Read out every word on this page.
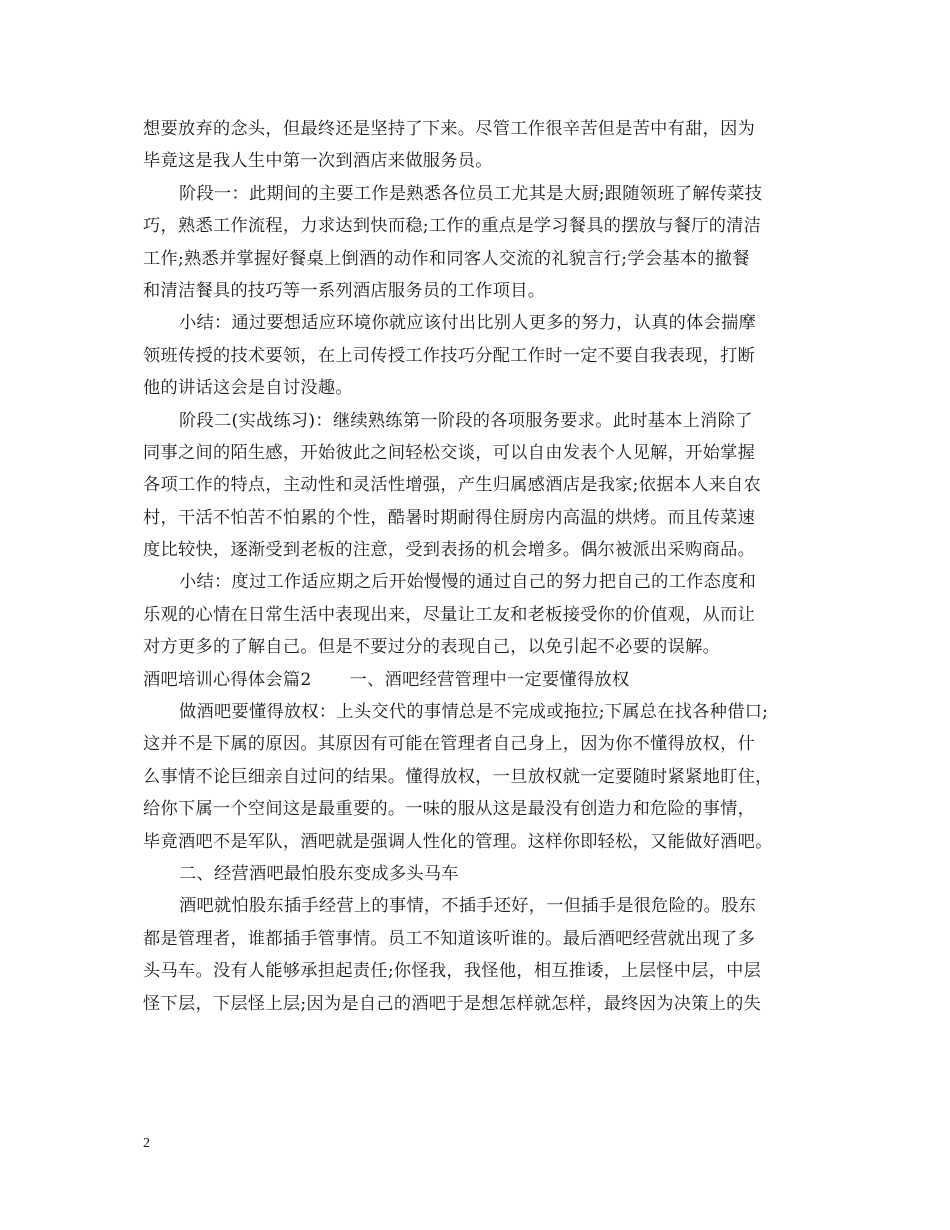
想要放弃的念头，但最终还是坚持了下来。尽管工作很辛苦但是苦中有甜，因为
毕竟这是我人生中第一次到酒店来做服务员。
阶段一：此期间的主要工作是熟悉各位员工尤其是大厨;跟随领班了解传菜技
巧，熟悉工作流程，力求达到快而稳;工作的重点是学习餐具的摆放与餐厅的清洁
工作;熟悉并掌握好餐桌上倒酒的动作和同客人交流的礼貌言行;学会基本的撤餐
和清洁餐具的技巧等一系列酒店服务员的工作项目。
小结：通过要想适应环境你就应该付出比别人更多的努力，认真的体会揣摩
领班传授的技术要领，在上司传授工作技巧分配工作时一定不要自我表现，打断
他的讲话这会是自讨没趣。
阶段二(实战练习)：继续熟练第一阶段的各项服务要求。此时基本上消除了
同事之间的陌生感，开始彼此之间轻松交谈，可以自由发表个人见解，开始掌握
各项工作的特点，主动性和灵活性增强，产生归属感酒店是我家;依据本人来自农
村，干活不怕苦不怕累的个性，酷暑时期耐得住厨房内高温的烘烤。而且传菜速
度比较快，逐渐受到老板的注意，受到表扬的机会增多。偶尔被派出采购商品。
小结：度过工作适应期之后开始慢慢的通过自己的努力把自己的工作态度和
乐观的心情在日常生活中表现出来，尽量让工友和老板接受你的价值观，从而让
对方更多的了解自己。但是不要过分的表现自己，以免引起不必要的误解。
酒吧培训心得体会篇2 一、酒吧经营管理中一定要懂得放权
做酒吧要懂得放权：上头交代的事情总是不完成或拖拉;下属总在找各种借口;
这并不是下属的原因。其原因有可能在管理者自己身上，因为你不懂得放权，什
么事情不论巨细亲自过问的结果。懂得放权，一旦放权就一定要随时紧紧地盯住，
给你下属一个空间这是最重要的。一味的服从这是最没有创造力和危险的事情，
毕竟酒吧不是军队，酒吧就是强调人性化的管理。这样你即轻松，又能做好酒吧。
二、经营酒吧最怕股东变成多头马车
酒吧就怕股东插手经营上的事情，不插手还好，一但插手是很危险的。股东
都是管理者，谁都插手管事情。员工不知道该听谁的。最后酒吧经营就出现了多
头马车。没有人能够承担起责任;你怪我，我怪他，相互推诿，上层怪中层，中层
怪下层，下层怪上层;因为是自己的酒吧于是想怎样就怎样，最终因为决策上的失
2
